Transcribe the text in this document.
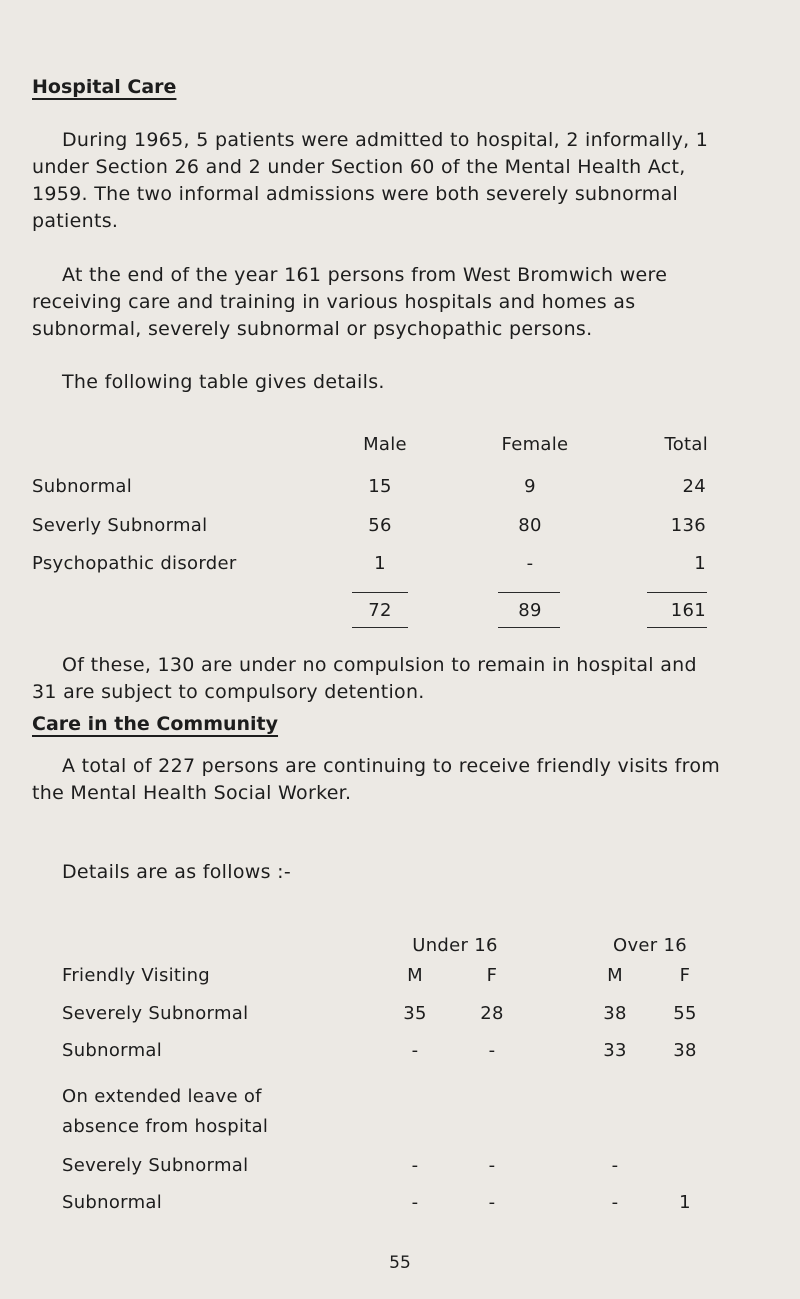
Hospital Care
During 1965, 5 patients were admitted to hospital, 2 informally, 1 under Section 26 and 2 under Section 60 of the Mental Health Act, 1959. The two informal admissions were both severely subnormal patients.
At the end of the year 161 persons from West Bromwich were receiving care and training in various hospitals and homes as subnormal, severely subnormal or psychopathic persons.
The following table gives details.
Male	Female	Total
Subnormal	15	9	24
Severly Subnormal	56	80	136
Psychopathic disorder	1	-	1
72	89	161
Of these, 130 are under no compulsion to remain in hospital and 31 are subject to compulsory detention.
Care in the Community
A total of 227 persons are continuing to receive friendly visits from the Mental Health Social Worker.
Details are as follows :-
Under 16	Over 16
Friendly Visiting	M	F	M	F
Severely Subnormal	35	28	38	55
Subnormal	-	-	33	38
On extended leave of
absence from hospital
Severely Subnormal	-	-	-
Subnormal	-	-	-	1
55
